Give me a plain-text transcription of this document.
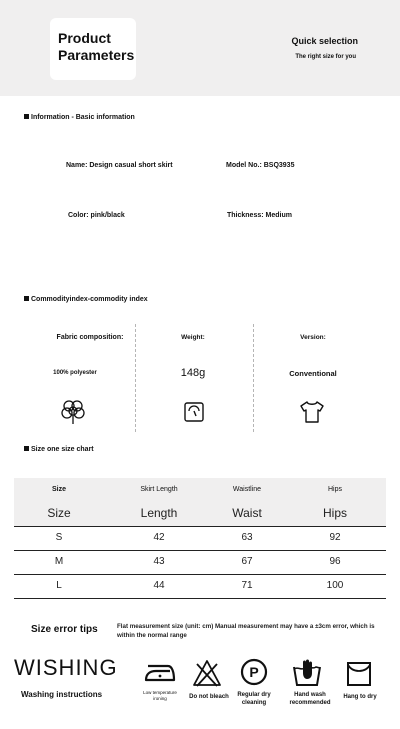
Product Parameters
Quick selection
The right size for you
Information - Basic information
Name: Design casual short skirt	Model No.: BSQ3935
Color: pink/black	Thickness: Medium
Commodityindex-commodity index
Fabric composition:	Weight:	Version:
100% polyester	148g	Conventional
Size one size chart
Size	Skirt Length	Waistline	Hips
Size	Length	Waist	Hips
S	42	63	92
M	43	67	96
L	44	71	100
Size error tips	Flat measurement size (unit: cm) Manual measurement may have a ±3cm error, which is within the normal range
WISHING
Washing instructions	Low temperature
ironing	Do not bleach
P
Regular dry
cleaning
Hand wash
recommended
Hang to dry
